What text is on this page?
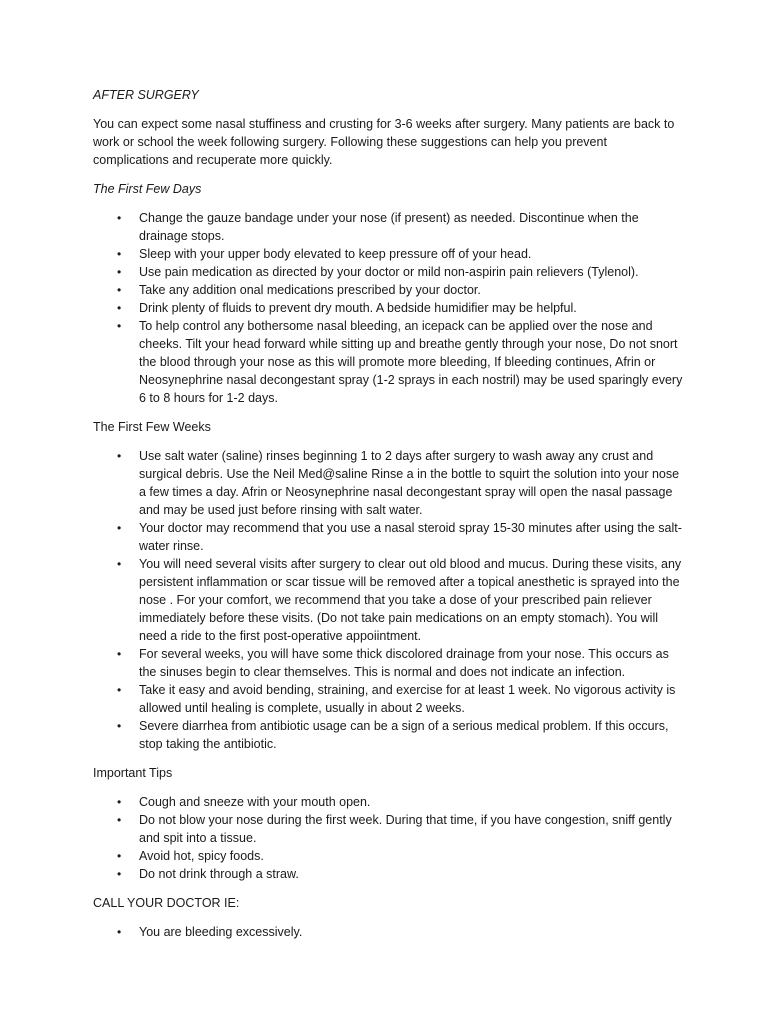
AFTER SURGERY

You can expect some nasal stuffiness and crusting for 3-6 weeks after surgery. Many patients are back to work or school the week following surgery. Following these suggestions can help you prevent complications and recuperate more quickly.

The First Few Days

• Change the gauze bandage under your nose (if present) as needed. Discontinue when the drainage stops.
• Sleep with your upper body elevated to keep pressure off of your head.
• Use pain medication as directed by your doctor or mild non-aspirin pain relievers (Tylenol).
• Take any addition onal medications prescribed by your doctor.
• Drink plenty of fluids to prevent dry mouth. A bedside humidifier may be helpful.
• To help control any bothersome nasal bleeding, an icepack can be applied over the nose and cheeks. Tilt your head forward while sitting up and breathe gently through your nose, Do not snort the blood through your nose as this will promote more bleeding, If bleeding continues, Afrin or Neosynephrine nasal decongestant spray (1-2 sprays in each nostril) may be used sparingly every 6 to 8 hours for 1-2 days.

The First Few Weeks

• Use salt water (saline) rinses beginning 1 to 2 days after surgery to wash away any crust and surgical debris. Use the Neil Med@saline Rinse a in the bottle to squirt the solution into your nose a few times a day. Afrin or Neosynephrine nasal decongestant spray will open the nasal passage and may be used just before rinsing with salt water.
• Your doctor may recommend that you use a nasal steroid spray 15-30 minutes after using the salt-water rinse.
• You will need several visits after surgery to clear out old blood and mucus. During these visits, any persistent inflammation or scar tissue will be removed after a topical anesthetic is sprayed into the nose . For your comfort, we recommend that you take a dose of your prescribed pain reliever immediately before these visits. (Do not take pain medications on an empty stomach). You will need a ride to the first post-operative appoiintment.
• For several weeks, you will have some thick discolored drainage from your nose. This occurs as the sinuses begin to clear themselves. This is normal and does not indicate an infection.
• Take it easy and avoid bending, straining, and exercise for at least 1 week. No vigorous activity is allowed until healing is complete, usually in about 2 weeks.
• Severe diarrhea from antibiotic usage can be a sign of a serious medical problem. If this occurs, stop taking the antibiotic.

Important Tips

• Cough and sneeze with your mouth open.
• Do not blow your nose during the first week. During that time, if you have congestion, sniff gently and spit into a tissue.
• Avoid hot, spicy foods.
• Do not drink through a straw.

CALL YOUR DOCTOR IE:

• You are bleeding excessively.
